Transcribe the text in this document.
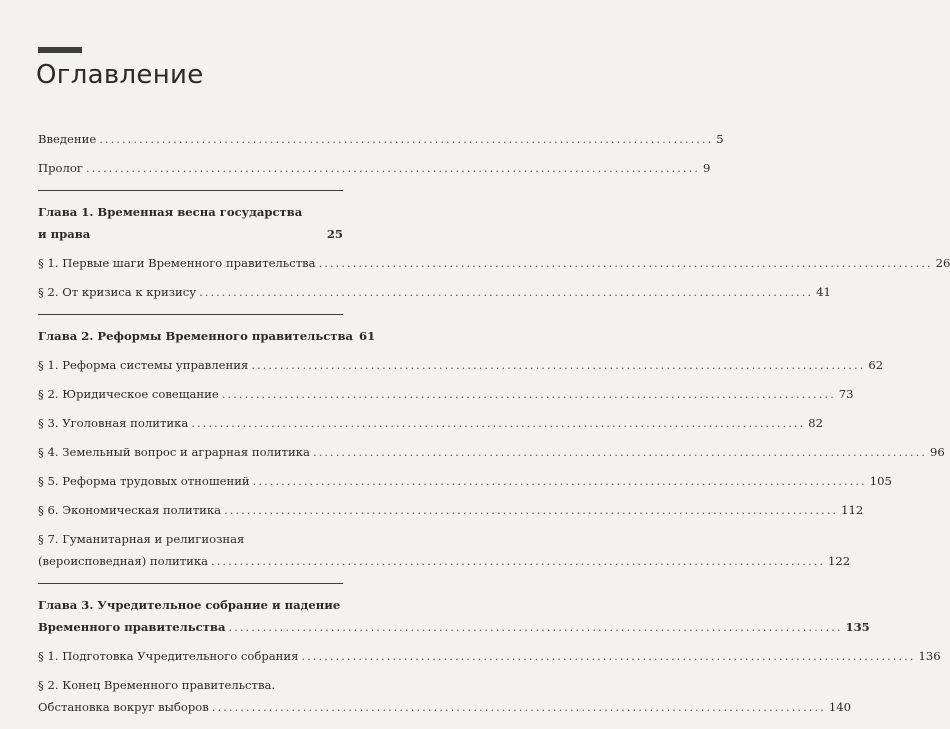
Оглавление
Введение ............................................................................................................ 5
Пролог ............................................................................................................ 9
Глава 1. Временная весна государства
и права	25
§ 1. Первые шаги Временного правительства ............................................................................................................ 26
§ 2. От кризиса к кризису ............................................................................................................ 41
Глава 2. Реформы Временного правительства 61
§ 1. Реформа системы управления ............................................................................................................ 62
§ 2. Юридическое совещание ............................................................................................................ 73
§ 3. Уголовная политика ............................................................................................................ 82
§ 4. Земельный вопрос и аграрная политика ............................................................................................................ 96
§ 5. Реформа трудовых отношений ............................................................................................................ 105
§ 6. Экономическая политика ............................................................................................................ 112
§ 7. Гуманитарная и религиозная
(вероисповедная) политика ............................................................................................................ 122
Глава 3. Учредительное собрание и падение
Временного правительства ............................................................................................................ 135
§ 1. Подготовка Учредительного собрания ............................................................................................................ 136
§ 2. Конец Временного правительства.
Обстановка вокруг выборов ............................................................................................................ 140
